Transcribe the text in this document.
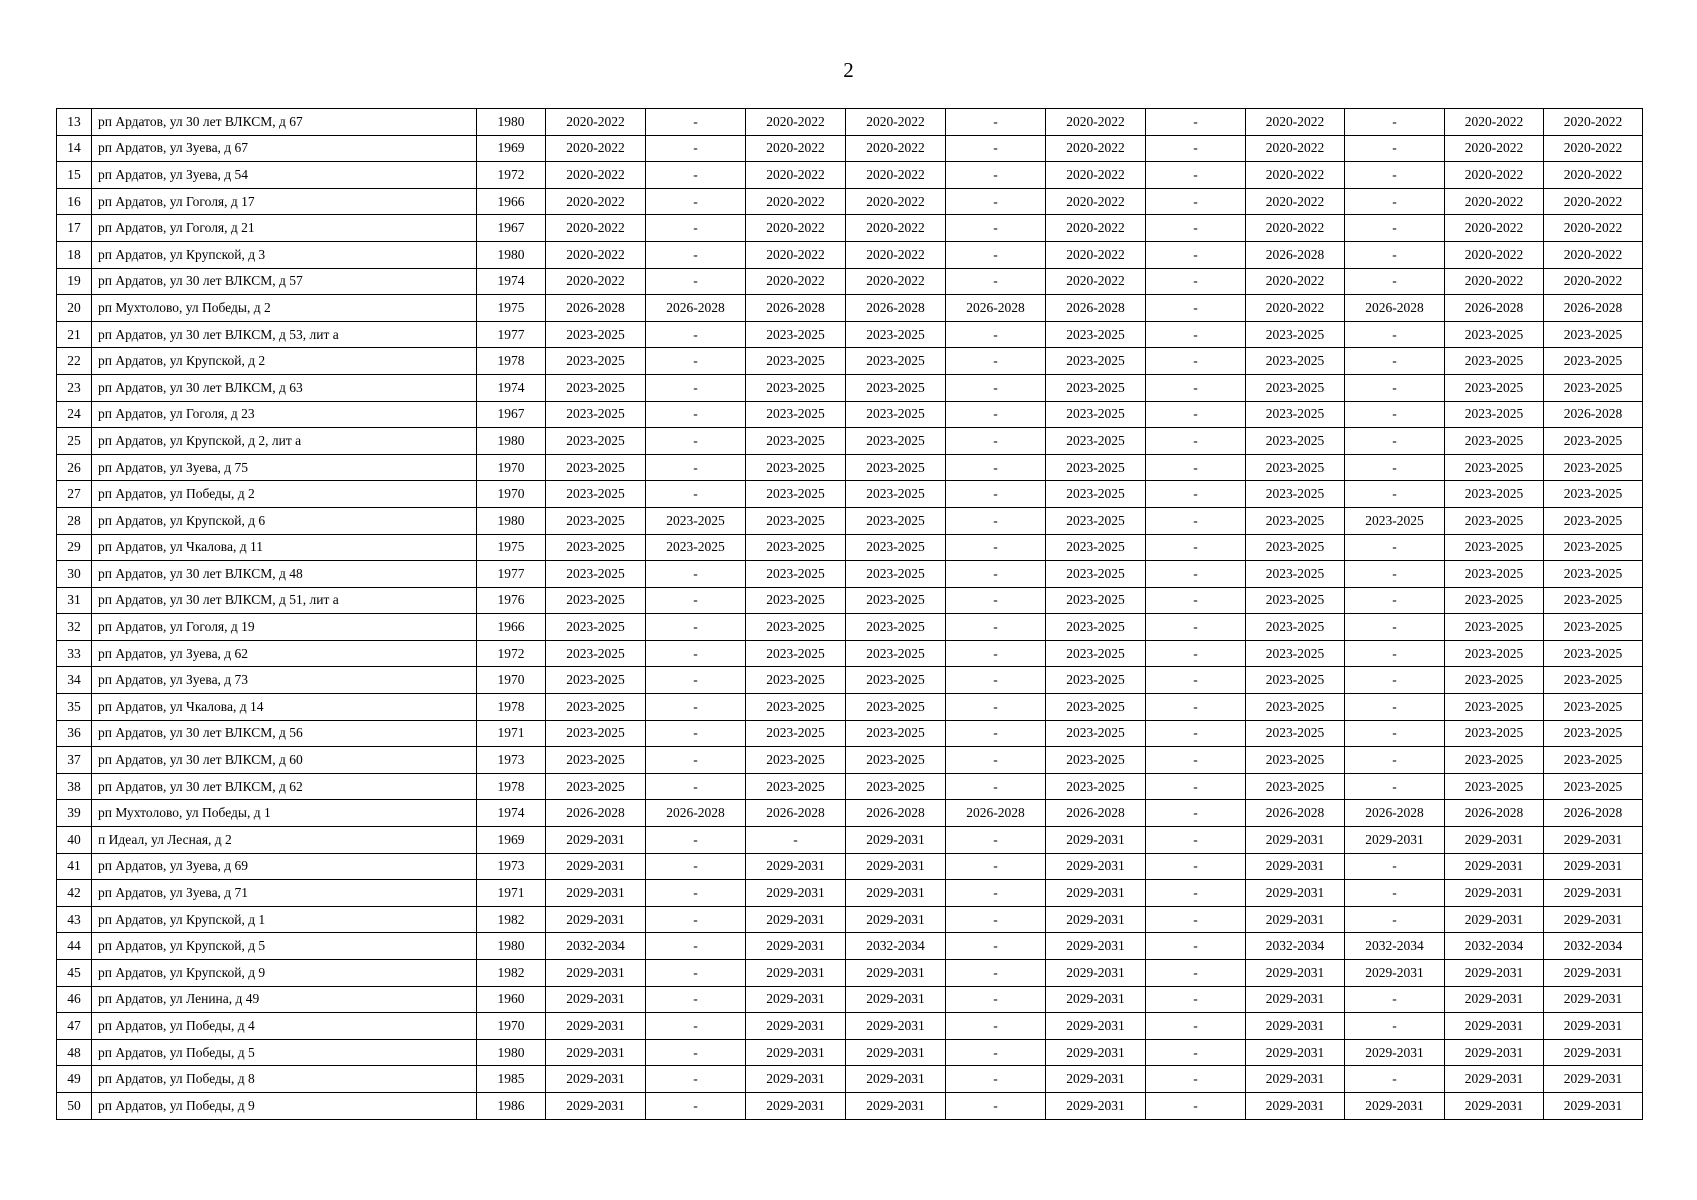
2
13	рп Ардатов, ул 30 лет ВЛКСМ, д 67	1980	2020-2022	-	2020-2022	2020-2022	-	2020-2022	-	2020-2022	-	2020-2022	2020-2022
14	рп Ардатов, ул Зуева, д 67	1969	2020-2022	-	2020-2022	2020-2022	-	2020-2022	-	2020-2022	-	2020-2022	2020-2022
15	рп Ардатов, ул Зуева, д 54	1972	2020-2022	-	2020-2022	2020-2022	-	2020-2022	-	2020-2022	-	2020-2022	2020-2022
16	рп Ардатов, ул Гоголя, д 17	1966	2020-2022	-	2020-2022	2020-2022	-	2020-2022	-	2020-2022	-	2020-2022	2020-2022
17	рп Ардатов, ул Гоголя, д 21	1967	2020-2022	-	2020-2022	2020-2022	-	2020-2022	-	2020-2022	-	2020-2022	2020-2022
18	рп Ардатов, ул Крупской, д 3	1980	2020-2022	-	2020-2022	2020-2022	-	2020-2022	-	2026-2028	-	2020-2022	2020-2022
19	рп Ардатов, ул 30 лет ВЛКСМ, д 57	1974	2020-2022	-	2020-2022	2020-2022	-	2020-2022	-	2020-2022	-	2020-2022	2020-2022
20	рп Мухтолово, ул Победы, д 2	1975	2026-2028	2026-2028	2026-2028	2026-2028	2026-2028	2026-2028	-	2020-2022	2026-2028	2026-2028	2026-2028
21	рп Ардатов, ул 30 лет ВЛКСМ, д 53, лит а	1977	2023-2025	-	2023-2025	2023-2025	-	2023-2025	-	2023-2025	-	2023-2025	2023-2025
22	рп Ардатов, ул Крупской, д 2	1978	2023-2025	-	2023-2025	2023-2025	-	2023-2025	-	2023-2025	-	2023-2025	2023-2025
23	рп Ардатов, ул 30 лет ВЛКСМ, д 63	1974	2023-2025	-	2023-2025	2023-2025	-	2023-2025	-	2023-2025	-	2023-2025	2023-2025
24	рп Ардатов, ул Гоголя, д 23	1967	2023-2025	-	2023-2025	2023-2025	-	2023-2025	-	2023-2025	-	2023-2025	2026-2028
25	рп Ардатов, ул Крупской, д 2, лит а	1980	2023-2025	-	2023-2025	2023-2025	-	2023-2025	-	2023-2025	-	2023-2025	2023-2025
26	рп Ардатов, ул Зуева, д 75	1970	2023-2025	-	2023-2025	2023-2025	-	2023-2025	-	2023-2025	-	2023-2025	2023-2025
27	рп Ардатов, ул Победы, д 2	1970	2023-2025	-	2023-2025	2023-2025	-	2023-2025	-	2023-2025	-	2023-2025	2023-2025
28	рп Ардатов, ул Крупской, д 6	1980	2023-2025	2023-2025	2023-2025	2023-2025	-	2023-2025	-	2023-2025	2023-2025	2023-2025	2023-2025
29	рп Ардатов, ул Чкалова, д 11	1975	2023-2025	2023-2025	2023-2025	2023-2025	-	2023-2025	-	2023-2025	-	2023-2025	2023-2025
30	рп Ардатов, ул 30 лет ВЛКСМ, д 48	1977	2023-2025	-	2023-2025	2023-2025	-	2023-2025	-	2023-2025	-	2023-2025	2023-2025
31	рп Ардатов, ул 30 лет ВЛКСМ, д 51, лит а	1976	2023-2025	-	2023-2025	2023-2025	-	2023-2025	-	2023-2025	-	2023-2025	2023-2025
32	рп Ардатов, ул Гоголя, д 19	1966	2023-2025	-	2023-2025	2023-2025	-	2023-2025	-	2023-2025	-	2023-2025	2023-2025
33	рп Ардатов, ул Зуева, д 62	1972	2023-2025	-	2023-2025	2023-2025	-	2023-2025	-	2023-2025	-	2023-2025	2023-2025
34	рп Ардатов, ул Зуева, д 73	1970	2023-2025	-	2023-2025	2023-2025	-	2023-2025	-	2023-2025	-	2023-2025	2023-2025
35	рп Ардатов, ул Чкалова, д 14	1978	2023-2025	-	2023-2025	2023-2025	-	2023-2025	-	2023-2025	-	2023-2025	2023-2025
36	рп Ардатов, ул 30 лет ВЛКСМ, д 56	1971	2023-2025	-	2023-2025	2023-2025	-	2023-2025	-	2023-2025	-	2023-2025	2023-2025
37	рп Ардатов, ул 30 лет ВЛКСМ, д 60	1973	2023-2025	-	2023-2025	2023-2025	-	2023-2025	-	2023-2025	-	2023-2025	2023-2025
38	рп Ардатов, ул 30 лет ВЛКСМ, д 62	1978	2023-2025	-	2023-2025	2023-2025	-	2023-2025	-	2023-2025	-	2023-2025	2023-2025
39	рп Мухтолово, ул Победы, д 1	1974	2026-2028	2026-2028	2026-2028	2026-2028	2026-2028	2026-2028	-	2026-2028	2026-2028	2026-2028	2026-2028
40	п Идеал, ул Лесная, д 2	1969	2029-2031	-	-	2029-2031	-	2029-2031	-	2029-2031	2029-2031	2029-2031	2029-2031
41	рп Ардатов, ул Зуева, д 69	1973	2029-2031	-	2029-2031	2029-2031	-	2029-2031	-	2029-2031	-	2029-2031	2029-2031
42	рп Ардатов, ул Зуева, д 71	1971	2029-2031	-	2029-2031	2029-2031	-	2029-2031	-	2029-2031	-	2029-2031	2029-2031
43	рп Ардатов, ул Крупской, д 1	1982	2029-2031	-	2029-2031	2029-2031	-	2029-2031	-	2029-2031	-	2029-2031	2029-2031
44	рп Ардатов, ул Крупской, д 5	1980	2032-2034	-	2029-2031	2032-2034	-	2029-2031	-	2032-2034	2032-2034	2032-2034	2032-2034
45	рп Ардатов, ул Крупской, д 9	1982	2029-2031	-	2029-2031	2029-2031	-	2029-2031	-	2029-2031	2029-2031	2029-2031	2029-2031
46	рп Ардатов, ул Ленина, д 49	1960	2029-2031	-	2029-2031	2029-2031	-	2029-2031	-	2029-2031	-	2029-2031	2029-2031
47	рп Ардатов, ул Победы, д 4	1970	2029-2031	-	2029-2031	2029-2031	-	2029-2031	-	2029-2031	-	2029-2031	2029-2031
48	рп Ардатов, ул Победы, д 5	1980	2029-2031	-	2029-2031	2029-2031	-	2029-2031	-	2029-2031	2029-2031	2029-2031	2029-2031
49	рп Ардатов, ул Победы, д 8	1985	2029-2031	-	2029-2031	2029-2031	-	2029-2031	-	2029-2031	-	2029-2031	2029-2031
50	рп Ардатов, ул Победы, д 9	1986	2029-2031	-	2029-2031	2029-2031	-	2029-2031	-	2029-2031	2029-2031	2029-2031	2029-2031
